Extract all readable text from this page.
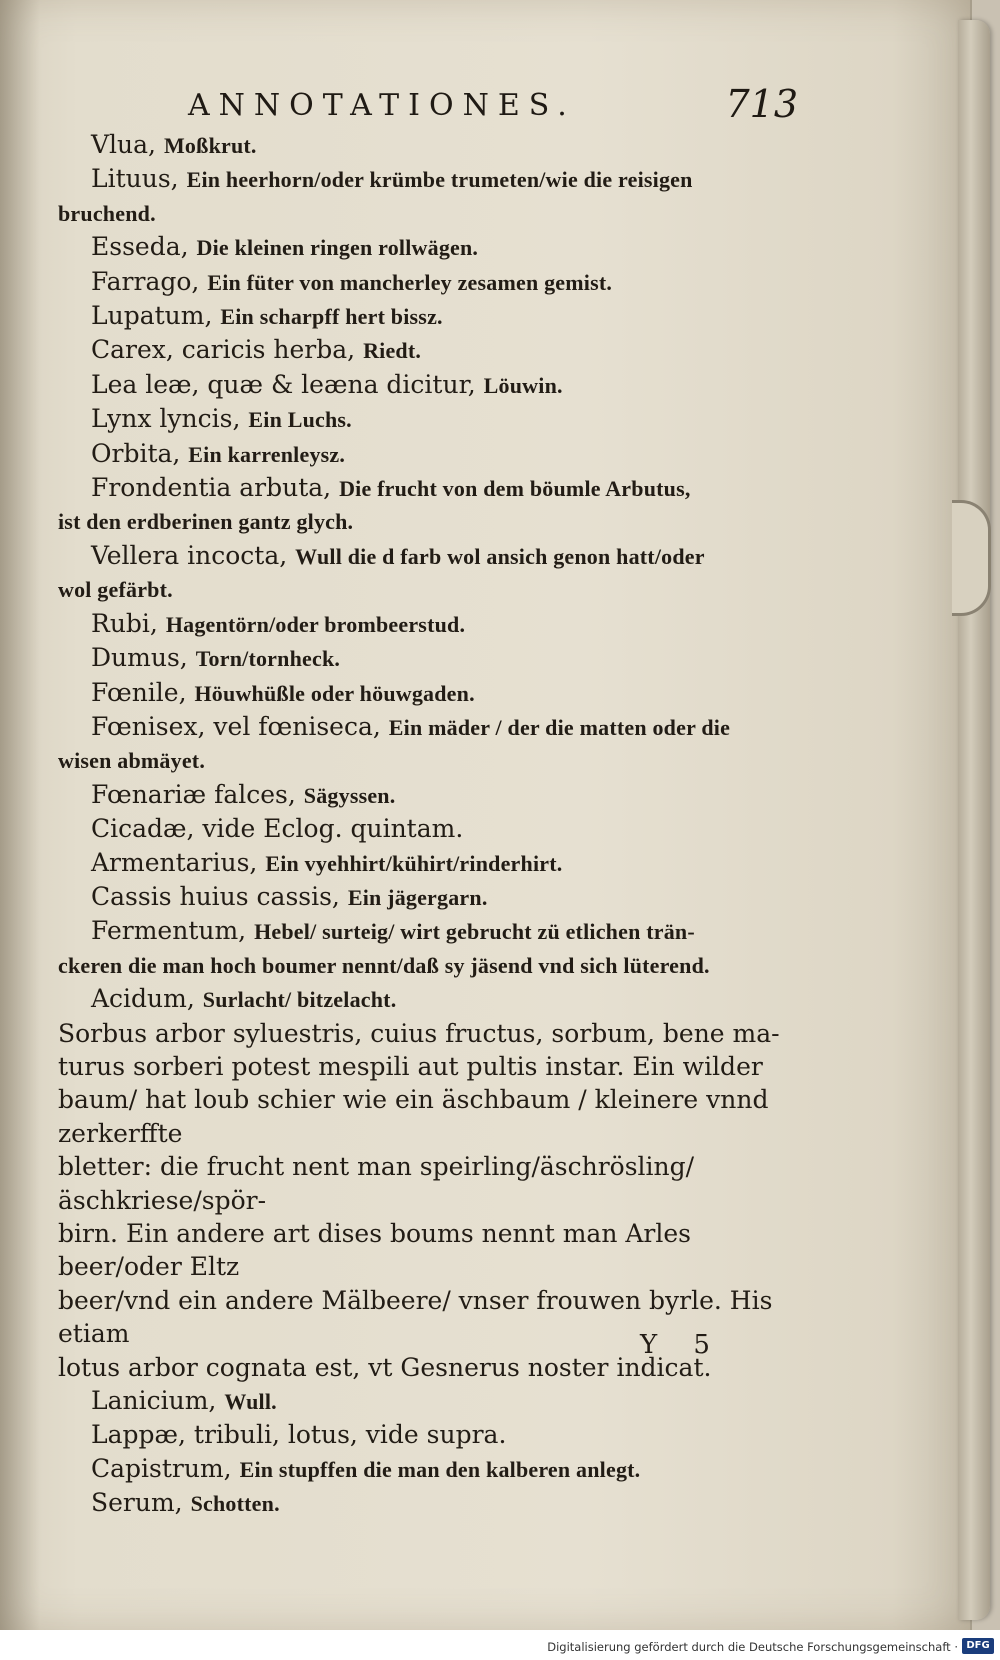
ANNOTATIONES.	713
Vlua, Moßkrut.
Lituus, Ein heerhorn/oder krümbe trumeten/wie die reisigen
bruchend.
Esseda, Die kleinen ringen rollwägen.
Farrago, Ein füter von mancherley zesamen gemist.
Lupatum, Ein scharpff hert bissz.
Carex, caricis herba, Riedt.
Lea leæ, quæ & leæna dicitur, Löuwin.
Lynx lyncis, Ein Luchs.
Orbita, Ein karrenleysz.
Frondentia arbuta, Die frucht von dem böumle Arbutus,
ist den erdberinen gantz glych.
Vellera incocta, Wull die d farb wol ansich genon hatt/oder
wol gefärbt.
Rubi, Hagentörn/oder brombeerstud.
Dumus, Torn/tornheck.
Fœnile, Höuwhüßle oder höuwgaden.
Fœnisex, vel fœniseca, Ein mäder / der die matten oder die
wisen abmäyet.
Fœnariæ falces, Sägyssen.
Cicadæ, vide Eclog. quintam.
Armentarius, Ein vyehhirt/kühirt/rinderhirt.
Cassis huius cassis, Ein jägergarn.
Fermentum, Hebel/ surteig/ wirt gebrucht zü etlichen trän-
ckeren die man hoch boumer nennt/daß sy jäsend vnd sich lüterend.
Acidum, Surlacht/ bitzelacht.
Sorbus arbor syluestris, cuius fructus, sorbum, bene ma-
turus sorberi potest mespili aut pultis instar. Ein wilder
baum/ hat loub schier wie ein äschbaum / kleinere vnnd zerkerffte
bletter: die frucht nent man speirling/äschrösling/äschkriese/spör-
birn. Ein andere art dises boums nennt man Arles beer/oder Eltz
beer/vnd ein andere Mälbeere/ vnser frouwen byrle. His etiam
lotus arbor cognata est, vt Gesnerus noster indicat.
Lanicium, Wull.
Lappæ, tribuli, lotus, vide supra.
Capistrum, Ein stupffen die man den kalberen anlegt.
Serum, Schotten.
Y 5
Digitalisierung gefördert durch die Deutsche Forschungsgemeinschaft · DFG
